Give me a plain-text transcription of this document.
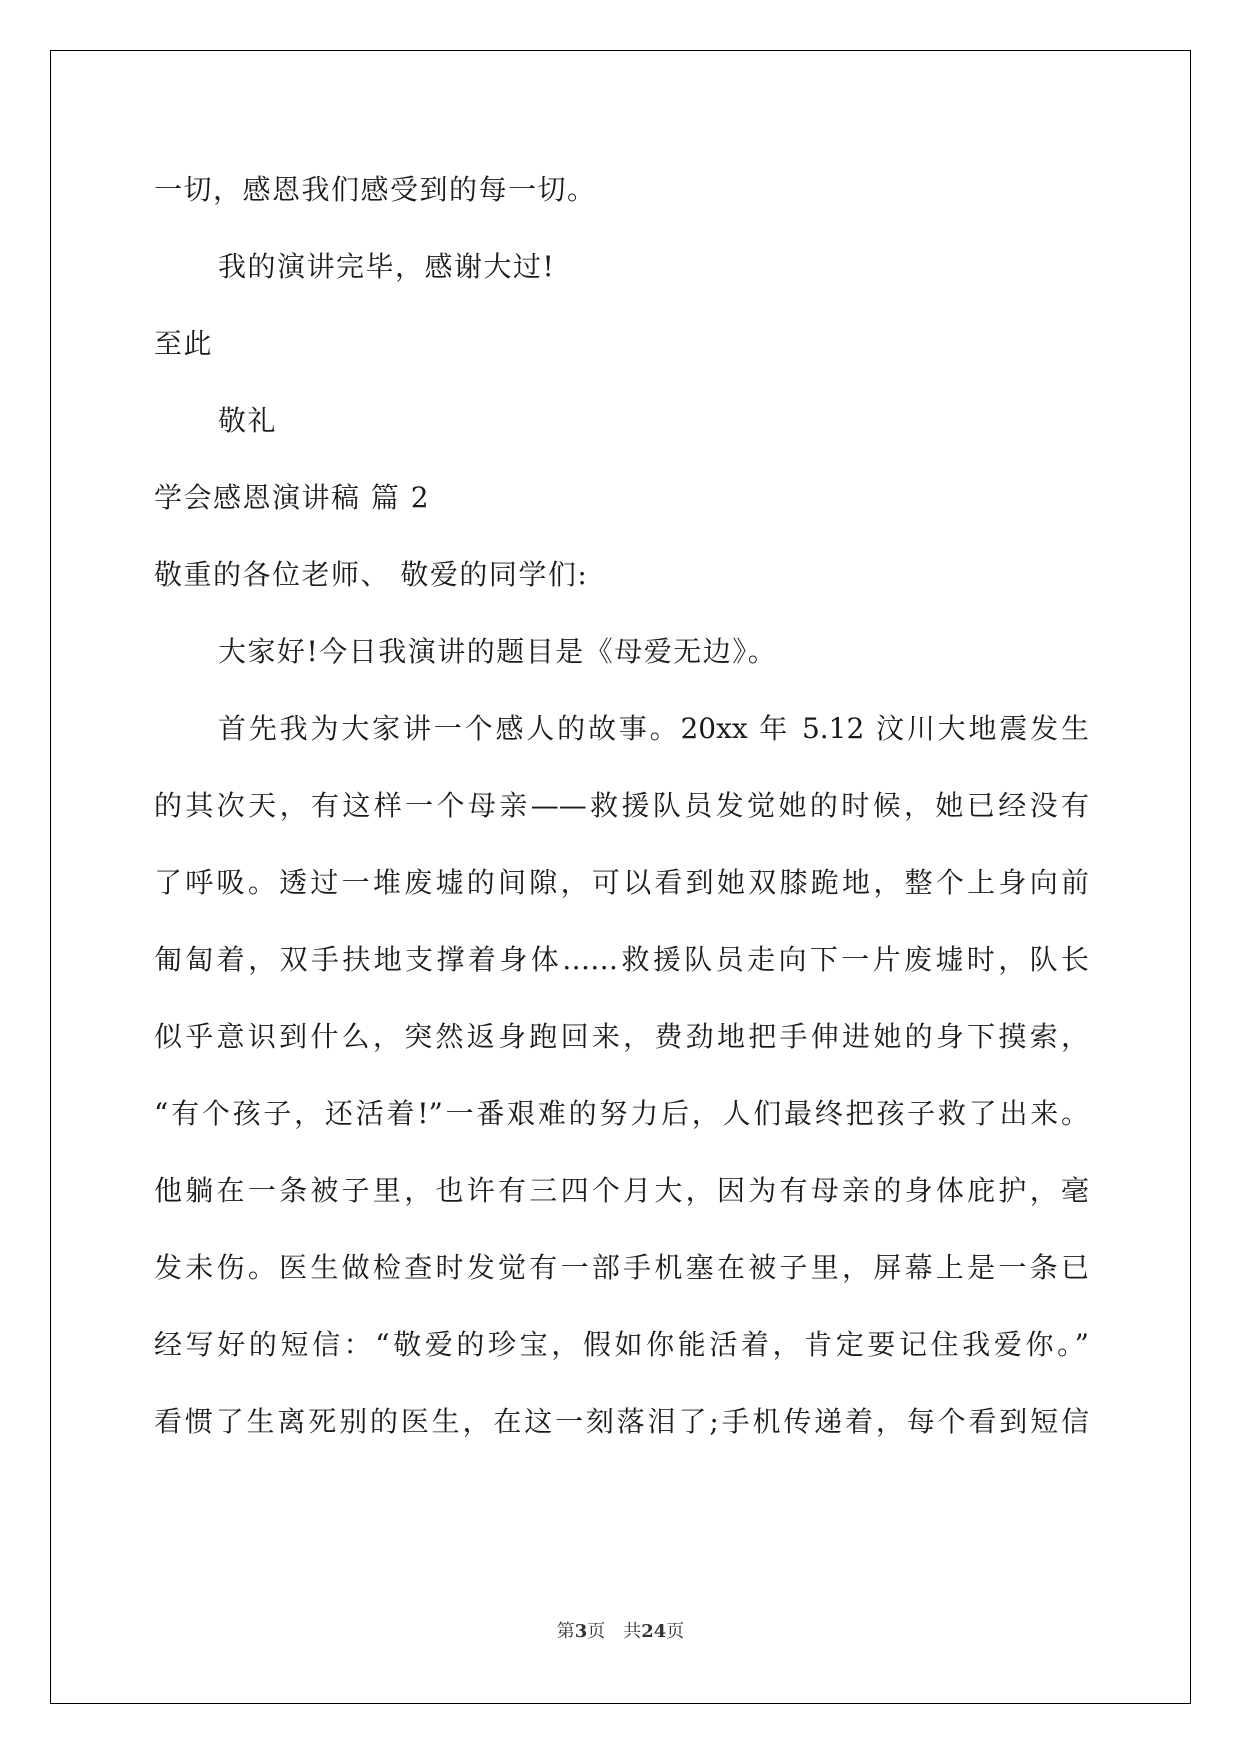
一切，感恩我们感受到的每一切。
我的演讲完毕，感谢大过!
至此
敬礼
学会感恩演讲稿 篇 2
敬重的各位老师、 敬爱的同学们:
大家好!今日我演讲的题目是《母爱无边》。
首先我为大家讲一个感人的故事。20xx 年 5.12 汶川大地震发生
的其次天，有这样一个母亲——救援队员发觉她的时候，她已经没有
了呼吸。透过一堆废墟的间隙，可以看到她双膝跪地，整个上身向前
匍匐着，双手扶地支撑着身体……救援队员走向下一片废墟时，队长
似乎意识到什么，突然返身跑回来，费劲地把手伸进她的身下摸索，
“有个孩子，还活着!”一番艰难的努力后，人们最终把孩子救了出来。
他躺在一条被子里，也许有三四个月大，因为有母亲的身体庇护，毫
发未伤。医生做检查时发觉有一部手机塞在被子里，屏幕上是一条已
经写好的短信：“敬爱的珍宝，假如你能活着，肯定要记住我爱你。”
看惯了生离死别的医生，在这一刻落泪了;手机传递着，每个看到短信
第3页　共24页
